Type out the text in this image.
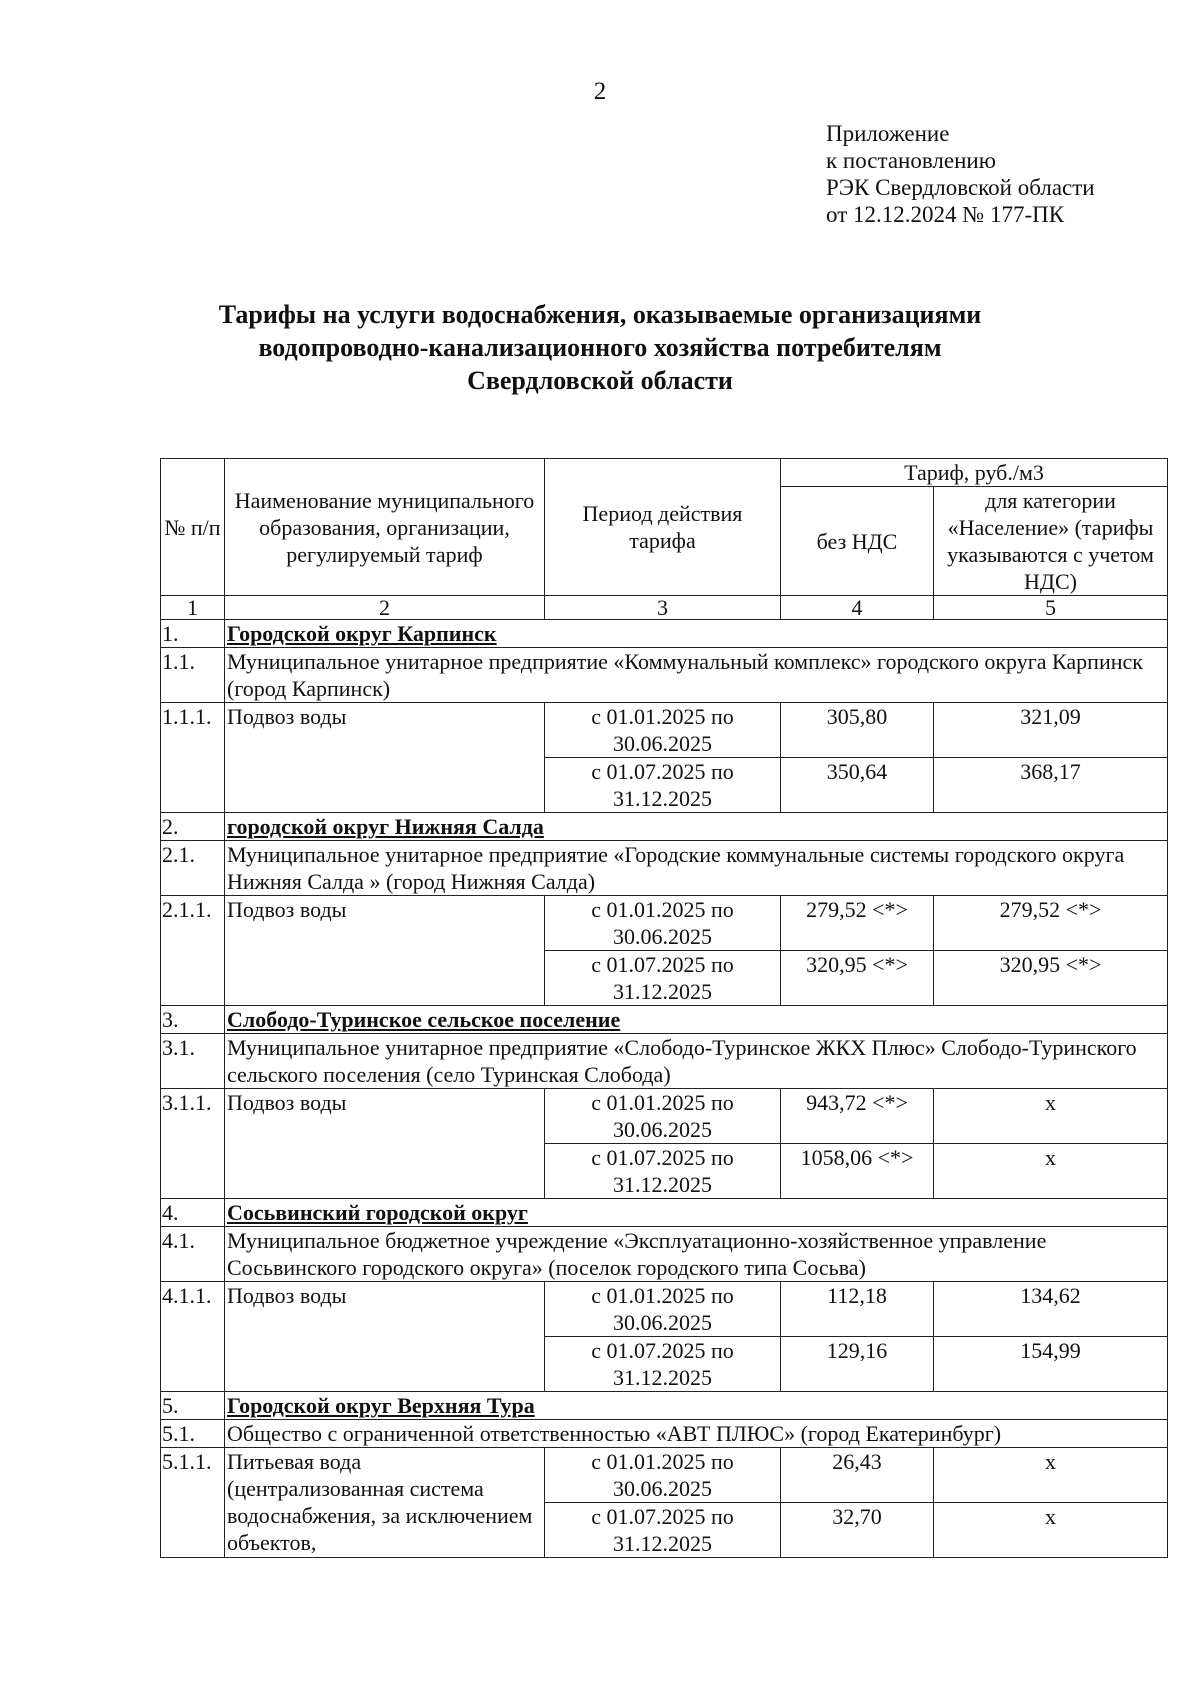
2
Приложение
к постановлению
РЭК Свердловской области
от 12.12.2024 № 177-ПК
Тарифы на услуги водоснабжения, оказываемые организациями
водопроводно-канализационного хозяйства потребителям
Свердловской области
№ п/п	Наименование муниципального образования, организации, регулируемый тариф	Период действия тарифа	Тариф, руб./м3	
			без НДС	для категории «Население» (тарифы указываются с учетом НДС)
1	2	3	4	5
1.	Городской округ Карпинск			
1.1.	Муниципальное унитарное предприятие «Коммунальный комплекс» городского округа Карпинск (город Карпинск)			
1.1.1.	Подвоз воды	с 01.01.2025 по 30.06.2025	305,80	321,09
		с 01.07.2025 по 31.12.2025	350,64	368,17
2.	городской округ Нижняя Салда			
2.1.	Муниципальное унитарное предприятие «Городские коммунальные системы городского округа Нижняя Салда » (город Нижняя Салда)			
2.1.1.	Подвоз воды	с 01.01.2025 по 30.06.2025	279,52 <*>	279,52 <*>
		с 01.07.2025 по 31.12.2025	320,95 <*>	320,95 <*>
3.	Слободо-Туринское сельское поселение			
3.1.	Муниципальное унитарное предприятие «Слободо-Туринское ЖКХ Плюс» Слободо-Туринского сельского поселения (село Туринская Слобода)			
3.1.1.	Подвоз воды	с 01.01.2025 по 30.06.2025	943,72 <*>	х
		с 01.07.2025 по 31.12.2025	1058,06 <*>	х
4.	Сосьвинский городской округ			
4.1.	Муниципальное бюджетное учреждение «Эксплуатационно-хозяйственное управление Сосьвинского городского округа» (поселок городского типа Сосьва)			
4.1.1.	Подвоз воды	с 01.01.2025 по 30.06.2025	112,18	134,62
		с 01.07.2025 по 31.12.2025	129,16	154,99
5.	Городской округ Верхняя Тура			
5.1.	Общество с ограниченной ответственностью «АВТ ПЛЮС» (город Екатеринбург)			
5.1.1.	Питьевая вода (централизованная система водоснабжения, за исключением объектов,	с 01.01.2025 по 30.06.2025	26,43	х
		с 01.07.2025 по 31.12.2025	32,70	х
